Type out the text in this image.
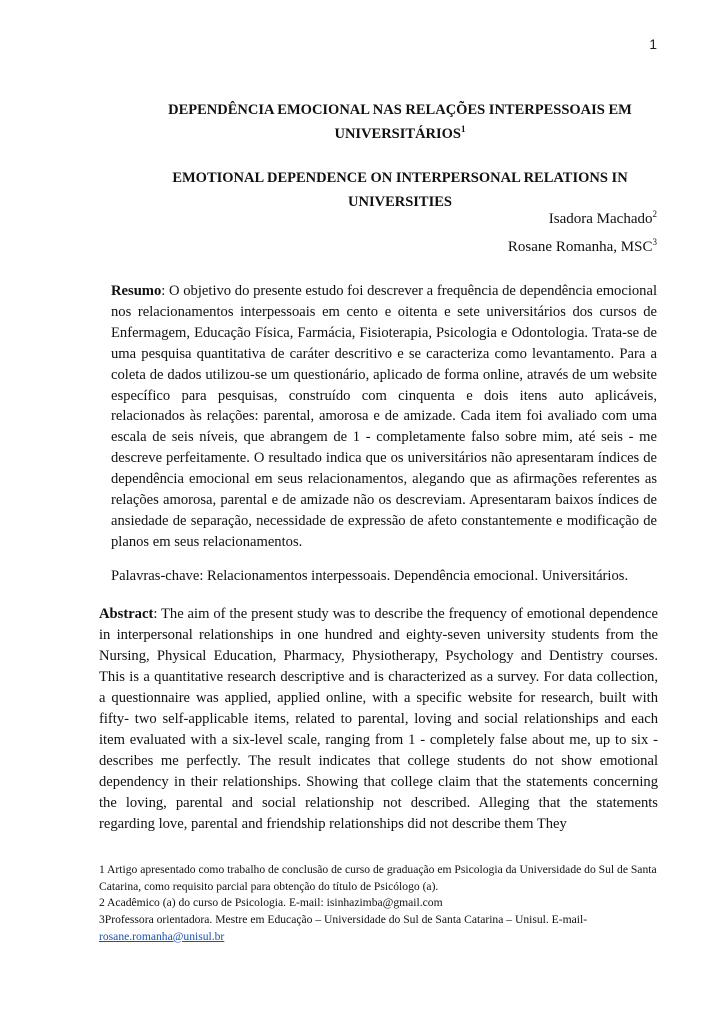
1
DEPENDÊNCIA EMOCIONAL NAS RELAÇÕES INTERPESSOAIS EM
UNIVERSITÁRIOS$^1$
EMOTIONAL DEPENDENCE ON INTERPERSONAL RELATIONS IN
UNIVERSITIES
Isadora Machado$^2$
Rosane Romanha, MSC$^3$

Resumo: O objetivo do presente estudo foi descrever a frequência de dependência emocional nos relacionamentos interpessoais em cento e oitenta e sete universitários dos cursos de Enfermagem, Educação Física, Farmácia, Fisioterapia, Psicologia e Odontologia. Trata-se de uma pesquisa quantitativa de caráter descritivo e se caracteriza como levantamento. Para a coleta de dados utilizou-se um questionário, aplicado de forma online, através de um website específico para pesquisas, construído com cinquenta e dois itens auto aplicáveis, relacionados às relações: parental, amorosa e de amizade. Cada item foi avaliado com uma escala de seis níveis, que abrangem de 1 - completamente falso sobre mim, até seis - me descreve perfeitamente. O resultado indica que os universitários não apresentaram índices de dependência emocional em seus relacionamentos, alegando que as afirmações referentes as relações amorosa, parental e de amizade não os descreviam. Apresentaram baixos índices de ansiedade de separação, necessidade de expressão de afeto constantemente e modificação de planos em seus relacionamentos.

Palavras-chave: Relacionamentos interpessoais. Dependência emocional. Universitários.

Abstract: The aim of the present study was to describe the frequency of emotional dependence in interpersonal relationships in one hundred and eighty-seven university students from the Nursing, Physical Education, Pharmacy, Physiotherapy, Psychology and Dentistry courses. This is a quantitative research descriptive and is characterized as a survey. For data collection, a questionnaire was applied, applied online, with a specific website for research, built with fifty- two self-applicable items, related to parental, loving and social relationships and each item evaluated with a six-level scale, ranging from 1 - completely false about me, up to six - describes me perfectly. The result indicates that college students do not show emotional dependency in their relationships. Showing that college claim that the statements concerning the loving, parental and social relationship not described. Alleging that the statements regarding love, parental and friendship relationships did not describe them They

1 Artigo apresentado como trabalho de conclusão de curso de graduação em Psicologia da Universidade do Sul de Santa Catarina, como requisito parcial para obtenção do título de Psicólogo (a).

2 Acadêmico (a) do curso de Psicologia. E-mail: isinhazimba@gmail.com

3Professora orientadora. Mestre em Educação – Universidade do Sul de Santa Catarina – Unisul. E-mail-
rosane.romanha@unisul.br
